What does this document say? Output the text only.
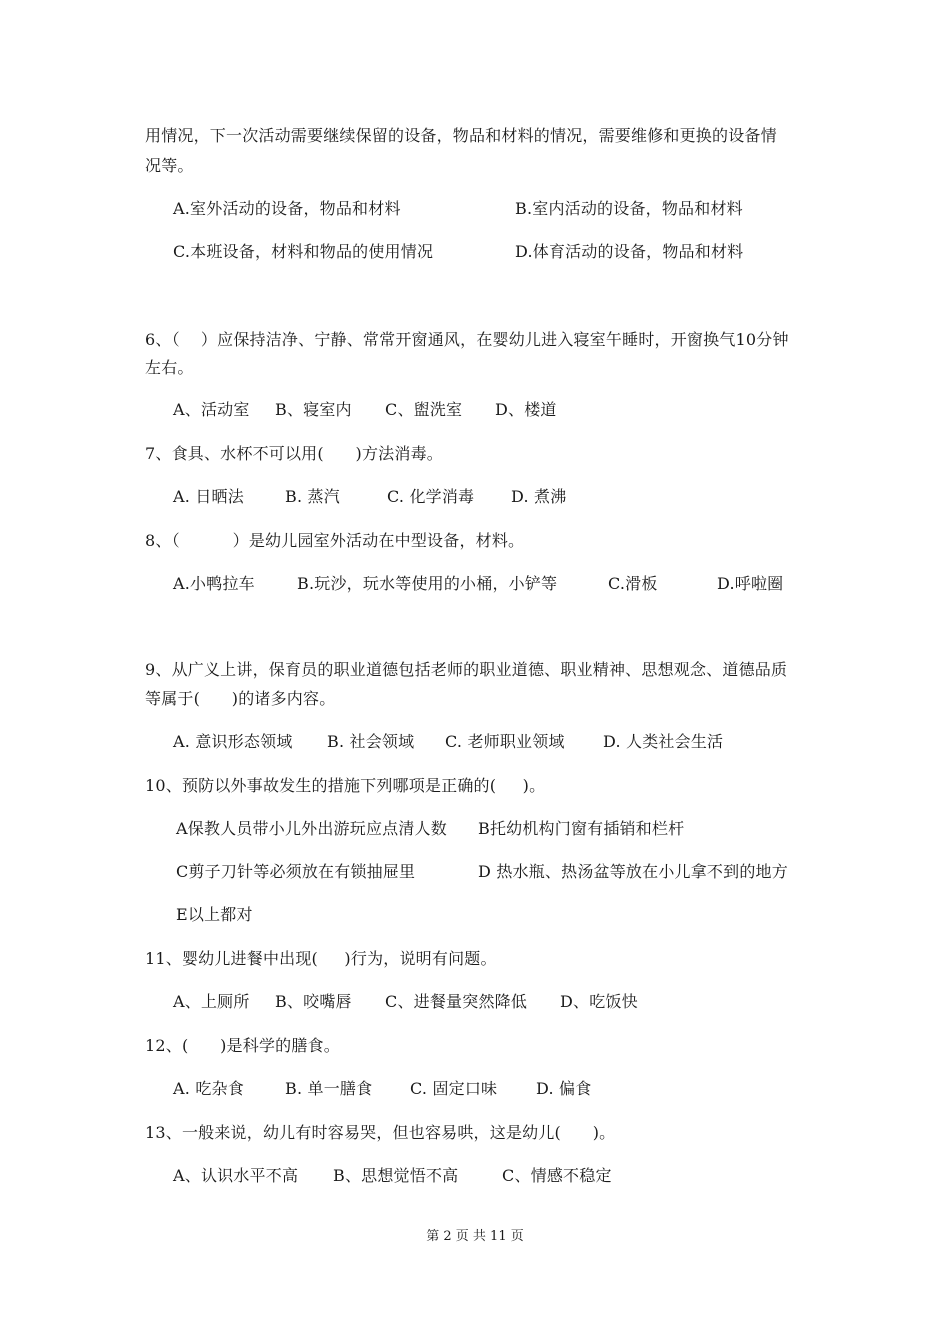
用情况，下一次活动需要继续保留的设备，物品和材料的情况，需要维修和更换的设备情
况等。
A.室外活动的设备，物品和材料	B.室内活动的设备，物品和材料
C.本班设备，材料和物品的使用情况	D.体育活动的设备，物品和材料
6、（    ）应保持洁净、宁静、常常开窗通风，在婴幼儿进入寝室午睡时，开窗换气10分钟
左右。
A、活动室 B、寝室内 C、盥洗室 D、楼道
7、食具、水杯不可以用(      )方法消毒。
A. 日晒法	B. 蒸汽	C. 化学消毒 D. 煮沸
8、（          ）是幼儿园室外活动在中型设备，材料。
A.小鸭拉车	B.玩沙，玩水等使用的小桶，小铲等	C.滑板	D.呼啦圈
9、从广义上讲，保育员的职业道德包括老师的职业道德、职业精神、思想观念、道德品质
等属于(      )的诸多内容。
A. 意识形态领域 B. 社会领域 C. 老师职业领域 D. 人类社会生活
10、预防以外事故发生的措施下列哪项是正确的(     )。
A保教人员带小儿外出游玩应点清人数 B托幼机构门窗有插销和栏杆
C剪子刀针等必须放在有锁抽屉里	D 热水瓶、热汤盆等放在小儿拿不到的地方
E以上都对
11、婴幼儿进餐中出现(     )行为，说明有问题。
A、上厕所 B、咬嘴唇 C、进餐量突然降低 D、吃饭快
12、(      )是科学的膳食。
A. 吃杂食	B. 单一膳食 C. 固定口味 D. 偏食
13、一般来说，幼儿有时容易哭，但也容易哄，这是幼儿(      )。
A、认识水平不高 B、思想觉悟不高	C、情感不稳定
第 2 页 共 11 页
